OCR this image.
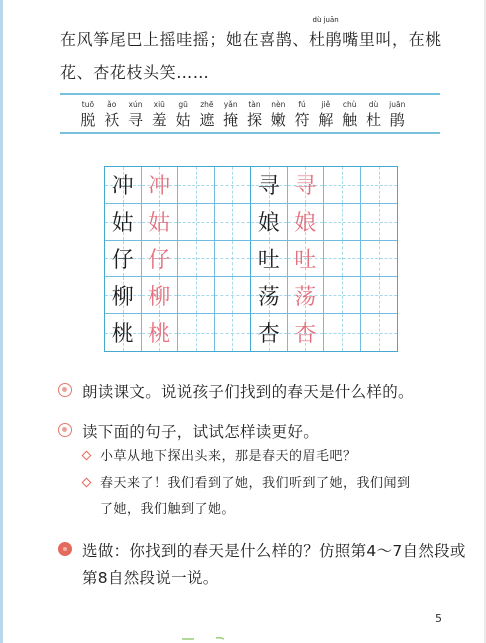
在风筝尾巴上摇哇摇；她在喜鹊、
dù juān
杜鹃嘴里叫，在桃
花、杏花枝头笑……
tuō
脱
ǎo
袄
xún
寻
xiū
羞
gū
姑
zhē
遮
yǎn
掩
tàn
探
nèn
嫩
fú
符
jiě
解
chù
触
dù
杜
juān
鹃
冲 冲	寻 寻
姑 姑	娘 娘
仔 仔	吐 吐
柳 柳	荡 荡
桃 桃	杏 杏
朗读课文。说说孩子们找到的春天是什么样的。
读下面的句子，试试怎样读更好。
小草从地下探出头来，那是春天的眉毛吧？
春天来了！我们看到了她，我们听到了她，我们闻到
了她，我们触到了她。
选做：你找到的春天是什么样的？仿照第4～7自然段或
第8自然段说一说。
5
